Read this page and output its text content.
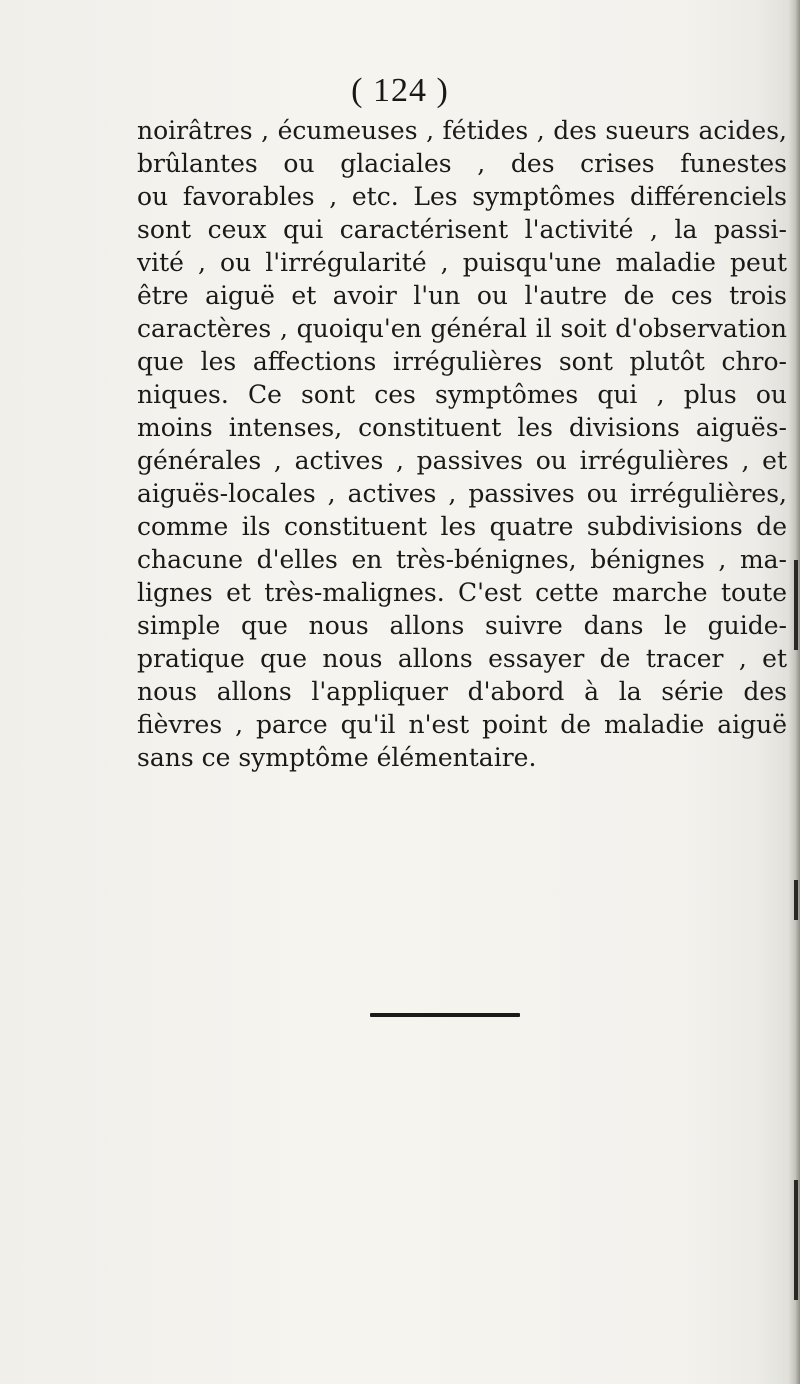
( 124 )
noirâtres , écumeuses , fétides , des sueurs acides,
brûlantes ou glaciales , des crises funestes
ou favorables , etc. Les symptômes différenciels
sont ceux qui caractérisent l'activité , la passi-
vité , ou l'irrégularité , puisqu'une maladie peut
être aiguë et avoir l'un ou l'autre de ces trois
caractères , quoiqu'en général il soit d'observation
que les affections irrégulières sont plutôt chro-
niques. Ce sont ces symptômes qui , plus ou
moins intenses, constituent les divisions aiguës-
générales , actives , passives ou irrégulières , et
aiguës-locales , actives , passives ou irrégulières,
comme ils constituent les quatre subdivisions de
chacune d'elles en très-bénignes, bénignes , ma-
lignes et très-malignes. C'est cette marche toute
simple que nous allons suivre dans le guide-
pratique que nous allons essayer de tracer , et
nous allons l'appliquer d'abord à la série des
fièvres , parce qu'il n'est point de maladie aiguë
sans ce symptôme élémentaire.
